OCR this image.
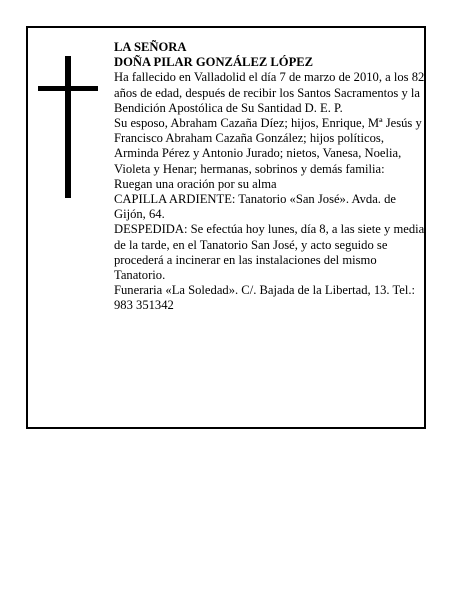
LA SEÑORA

DOÑA PILAR GONZÁLEZ LÓPEZ

Ha fallecido en Valladolid el día 7 de marzo de 2010, a los 82 años de edad, después de recibir los Santos Sacramentos y la Bendición Apostólica de Su Santidad D. E. P.

Su esposo, Abraham Cazaña Díez; hijos, Enrique, Mª Jesús y Francisco Abraham Cazaña González; hijos políticos, Arminda Pérez y Antonio Jurado; nietos, Vanesa, Noelia, Violeta y Henar; hermanas, sobrinos y demás familia:

Ruegan una oración por su alma

CAPILLA ARDIENTE: Tanatorio «San José». Avda. de Gijón, 64.

DESPEDIDA: Se efectúa hoy lunes, día 8, a las siete y media de la tarde, en el Tanatorio San José, y acto seguido se procederá a incinerar en las instalaciones del mismo Tanatorio.

Funeraria «La Soledad». C/. Bajada de la Libertad, 13. Tel.: 983 351342
